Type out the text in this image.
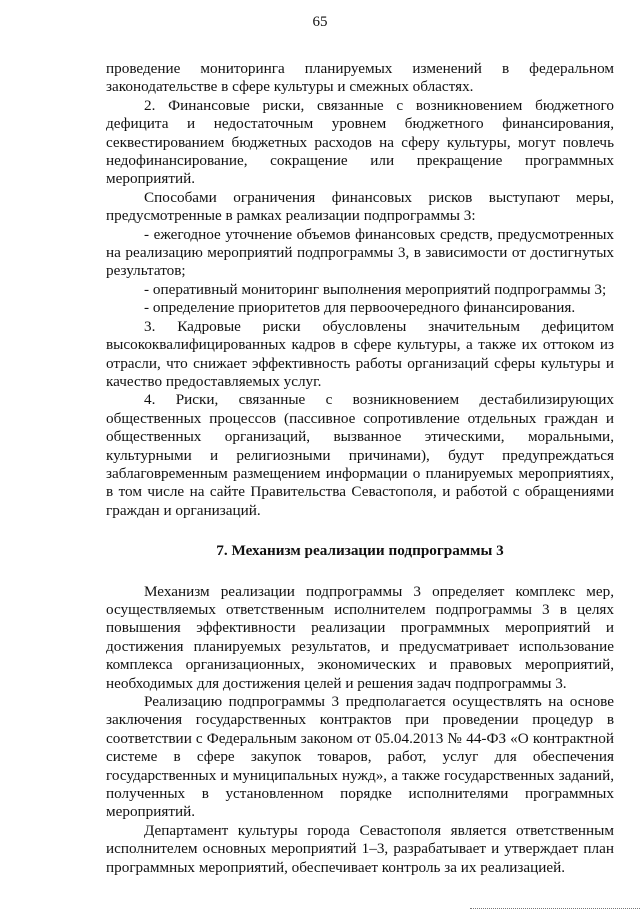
65

проведение мониторинга планируемых изменений в федеральном законодательстве в сфере культуры и смежных областях.

2. Финансовые риски, связанные с возникновением бюджетного дефицита и недостаточным уровнем бюджетного финансирования, секвестированием бюджетных расходов на сферу культуры, могут повлечь недофинансирование, сокращение или прекращение программных мероприятий.

Способами ограничения финансовых рисков выступают меры, предусмотренные в рамках реализации подпрограммы 3:

- ежегодное уточнение объемов финансовых средств, предусмотренных на реализацию мероприятий подпрограммы 3, в зависимости от достигнутых результатов;

- оперативный мониторинг выполнения мероприятий подпрограммы 3;

- определение приоритетов для первоочередного финансирования.

3. Кадровые риски обусловлены значительным дефицитом высококвалифицированных кадров в сфере культуры, а также их оттоком из отрасли, что снижает эффективность работы организаций сферы культуры и качество предоставляемых услуг.

4. Риски, связанные с возникновением дестабилизирующих общественных процессов (пассивное сопротивление отдельных граждан и общественных организаций, вызванное этическими, моральными, культурными и религиозными причинами), будут предупреждаться заблаговременным размещением информации о планируемых мероприятиях, в том числе на сайте Правительства Севастополя, и работой с обращениями граждан и организаций.

7. Механизм реализации подпрограммы 3

Механизм реализации подпрограммы 3 определяет комплекс мер, осуществляемых ответственным исполнителем подпрограммы 3 в целях повышения эффективности реализации программных мероприятий и достижения планируемых результатов, и предусматривает использование комплекса организационных, экономических и правовых мероприятий, необходимых для достижения целей и решения задач подпрограммы 3.

Реализацию подпрограммы 3 предполагается осуществлять на основе заключения государственных контрактов при проведении процедур в соответствии с Федеральным законом от 05.04.2013 № 44-ФЗ «О контрактной системе в сфере закупок товаров, работ, услуг для обеспечения государственных и муниципальных нужд», а также государственных заданий, полученных в установленном порядке исполнителями программных мероприятий.

Департамент культуры города Севастополя является ответственным исполнителем основных мероприятий 1–3, разрабатывает и утверждает план программных мероприятий, обеспечивает контроль за их реализацией.
